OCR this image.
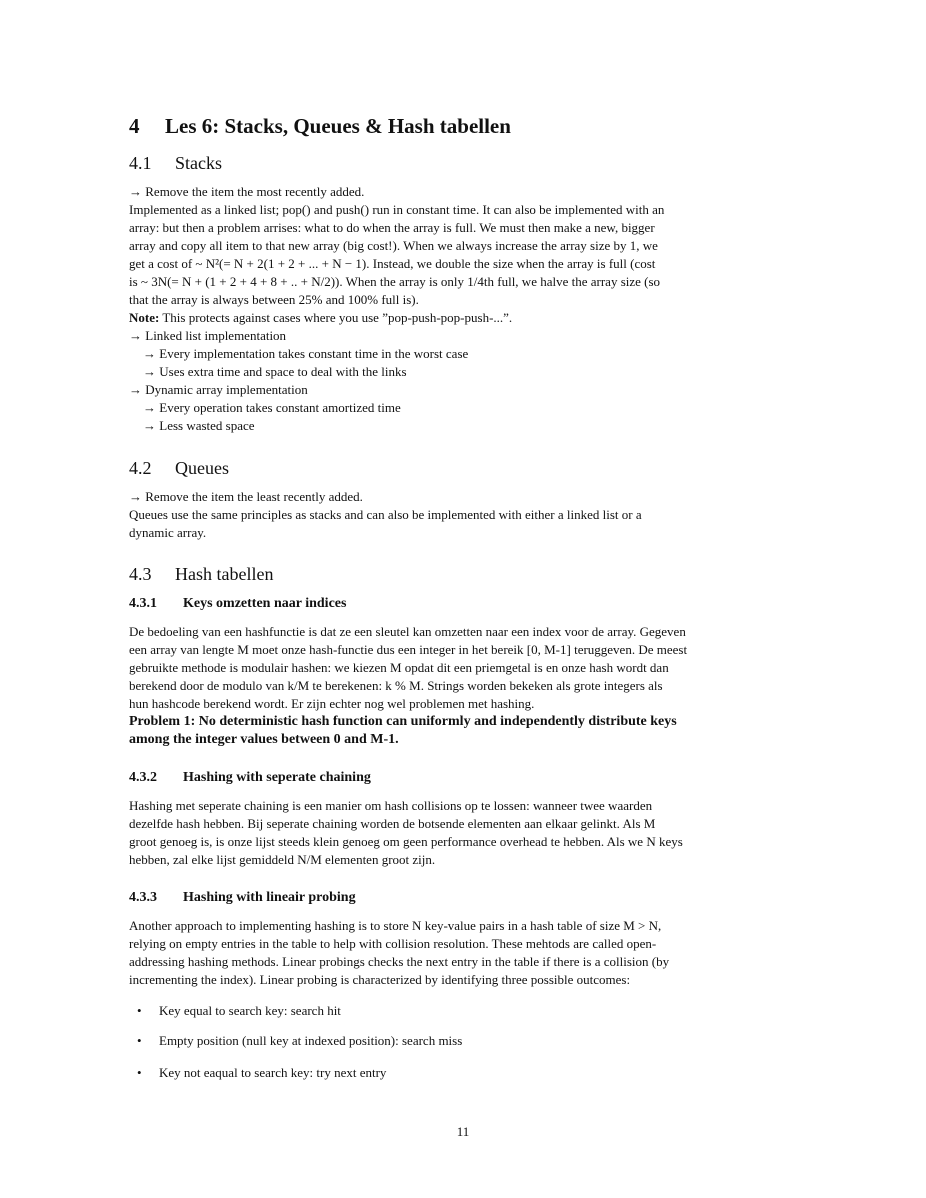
4 Les 6: Stacks, Queues & Hash tabellen
4.1 Stacks
→ Remove the item the most recently added.
Implemented as a linked list; pop() and push() run in constant time. It can also be implemented with an
array: but then a problem arrises: what to do when the array is full. We must then make a new, bigger
array and copy all item to that new array (big cost!). When we always increase the array size by 1, we
get a cost of ~ N²(= N + 2(1 + 2 + ... + N − 1). Instead, we double the size when the array is full (cost
is ~ 3N(= N + (1 + 2 + 4 + 8 + .. + N/2)). When the array is only 1/4th full, we halve the array size (so
that the array is always between 25% and 100% full is).
Note: This protects against cases where you use ”pop-push-pop-push-...”.
→ Linked list implementation
→ Every implementation takes constant time in the worst case
→ Uses extra time and space to deal with the links
→ Dynamic array implementation
→ Every operation takes constant amortized time
→ Less wasted space
4.2 Queues
→ Remove the item the least recently added.
Queues use the same principles as stacks and can also be implemented with either a linked list or a
dynamic array.
4.3 Hash tabellen
4.3.1 Keys omzetten naar indices
De bedoeling van een hashfunctie is dat ze een sleutel kan omzetten naar een index voor de array. Gegeven
een array van lengte M moet onze hash-functie dus een integer in het bereik [0, M-1] teruggeven. De meest
gebruikte methode is modulair hashen: we kiezen M opdat dit een priemgetal is en onze hash wordt dan
berekend door de modulo van k/M te berekenen: k % M. Strings worden bekeken als grote integers als
hun hashcode berekend wordt. Er zijn echter nog wel problemen met hashing.
Problem 1: No deterministic hash function can uniformly and independently distribute keys
among the integer values between 0 and M-1.
4.3.2 Hashing with seperate chaining
Hashing met seperate chaining is een manier om hash collisions op te lossen: wanneer twee waarden
dezelfde hash hebben. Bij seperate chaining worden de botsende elementen aan elkaar gelinkt. Als M
groot genoeg is, is onze lijst steeds klein genoeg om geen performance overhead te hebben. Als we N keys
hebben, zal elke lijst gemiddeld N/M elementen groot zijn.
4.3.3 Hashing with lineair probing
Another approach to implementing hashing is to store N key-value pairs in a hash table of size M > N,
relying on empty entries in the table to help with collision resolution. These mehtods are called open-
addressing hashing methods. Linear probings checks the next entry in the table if there is a collision (by
incrementing the index). Linear probing is characterized by identifying three possible outcomes:
• Key equal to search key: search hit
• Empty position (null key at indexed position): search miss
• Key not eaqual to search key: try next entry
11
